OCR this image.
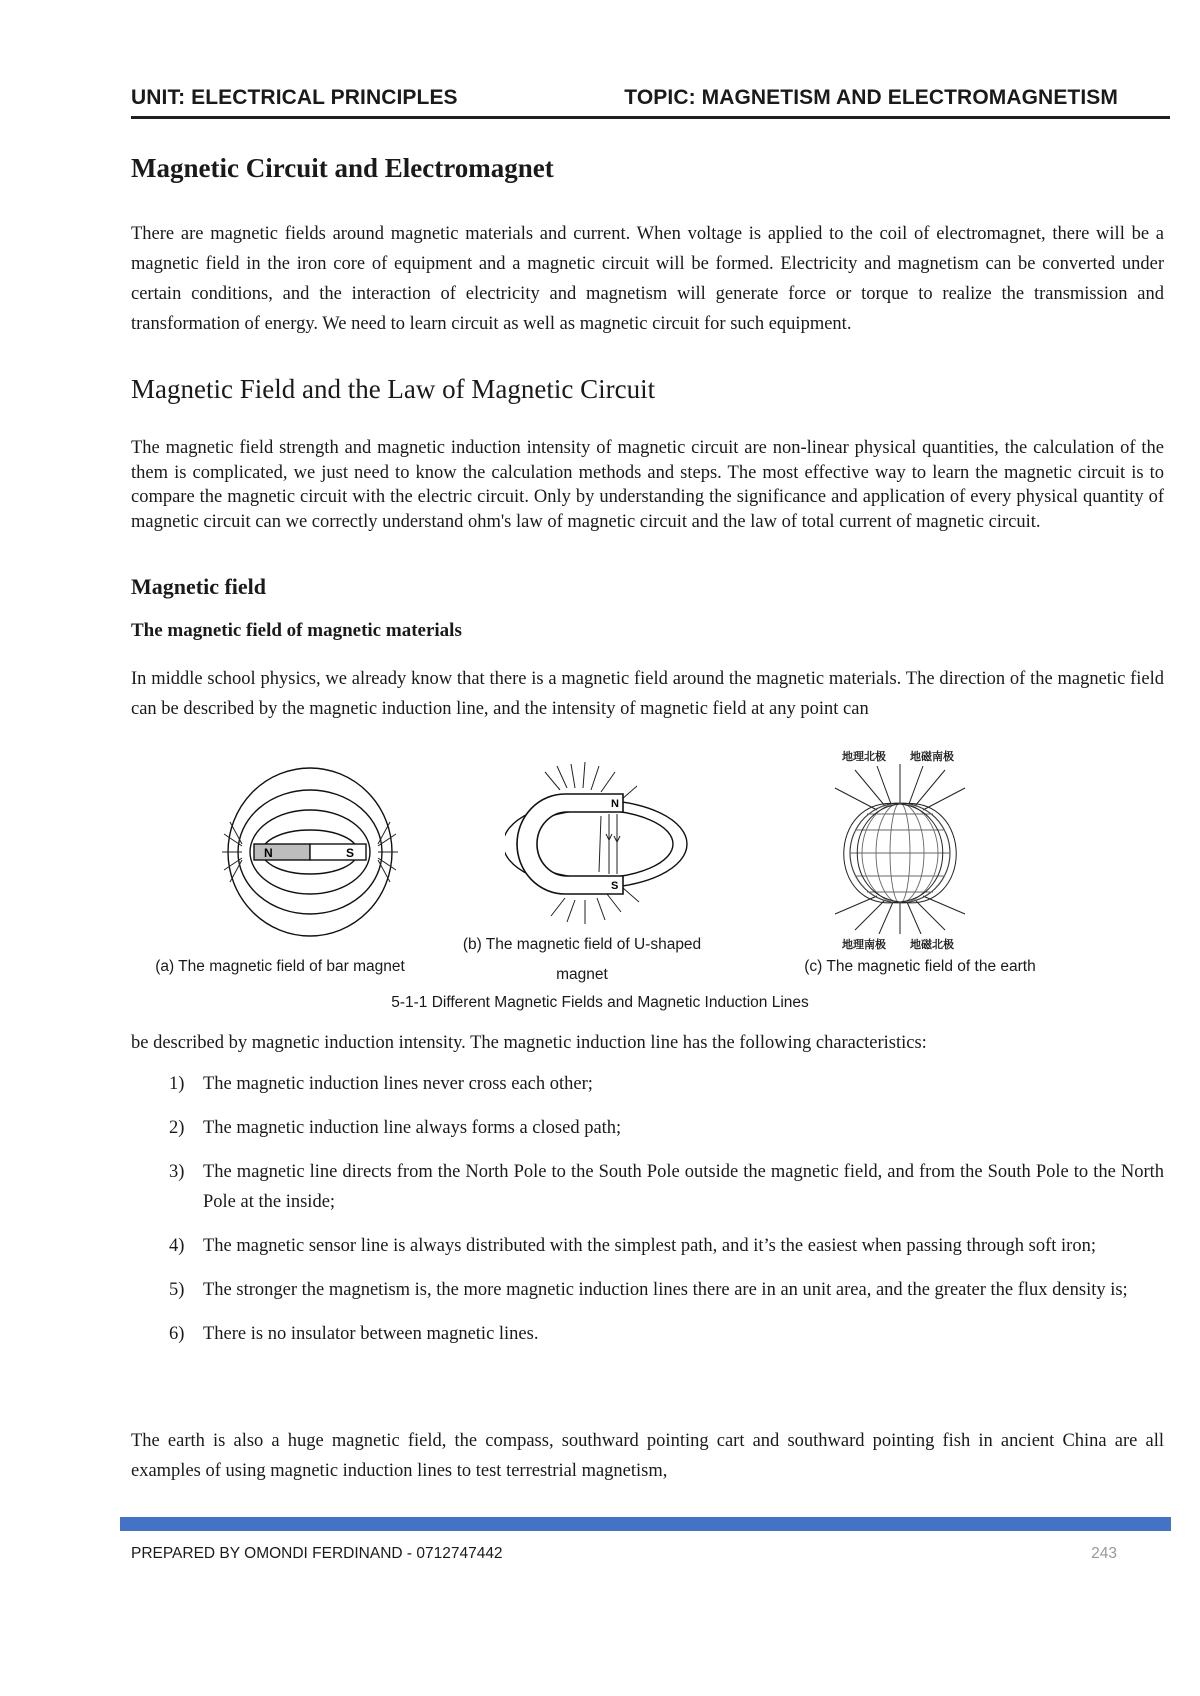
UNIT: ELECTRICAL PRINCIPLES	TOPIC: MAGNETISM AND ELECTROMAGNETISM
Magnetic Circuit and Electromagnet
There are magnetic fields around magnetic materials and current. When voltage is applied to the coil of electromagnet, there will be a magnetic field in the iron core of equipment and a magnetic circuit will be formed. Electricity and magnetism can be converted under certain conditions, and the interaction of electricity and magnetism will generate force or torque to realize the transmission and transformation of energy. We need to learn circuit as well as magnetic circuit for such equipment.
Magnetic Field and the Law of Magnetic Circuit
The magnetic field strength and magnetic induction intensity of magnetic circuit are non-linear physical quantities, the calculation of the them is complicated, we just need to know the calculation methods and steps. The most effective way to learn the magnetic circuit is to compare the magnetic circuit with the electric circuit. Only by understanding the significance and application of every physical quantity of magnetic circuit can we correctly understand ohm's law of magnetic circuit and the law of total current of magnetic circuit.
Magnetic field
The magnetic field of magnetic materials
In middle school physics, we already know that there is a magnetic field around the magnetic materials. The direction of the magnetic field can be described by the magnetic induction line, and the intensity of magnetic field at any point can
N	S
N
S
地理北极 地磁南极
地理南极 地磁北极
(a) The magnetic field of bar magnet
(b) The magnetic field of U-shaped magnet	(c) The magnetic field of the earth
5-1-1 Different Magnetic Fields and Magnetic Induction Lines
be described by magnetic induction intensity. The magnetic induction line has the following characteristics:
1) The magnetic induction lines never cross each other;
2) The magnetic induction line always forms a closed path;
3) The magnetic line directs from the North Pole to the South Pole outside the magnetic field, and from the South Pole to the North Pole at the inside;
4) The magnetic sensor line is always distributed with the simplest path, and it’s the easiest when passing through soft iron;
5) The stronger the magnetism is, the more magnetic induction lines there are in an unit area, and the greater the flux density is;
6) There is no insulator between magnetic lines.
The earth is also a huge magnetic field, the compass, southward pointing cart and southward pointing fish in ancient China are all examples of using magnetic induction lines to test terrestrial magnetism,
PREPARED BY OMONDI FERDINAND - 0712747442	243
